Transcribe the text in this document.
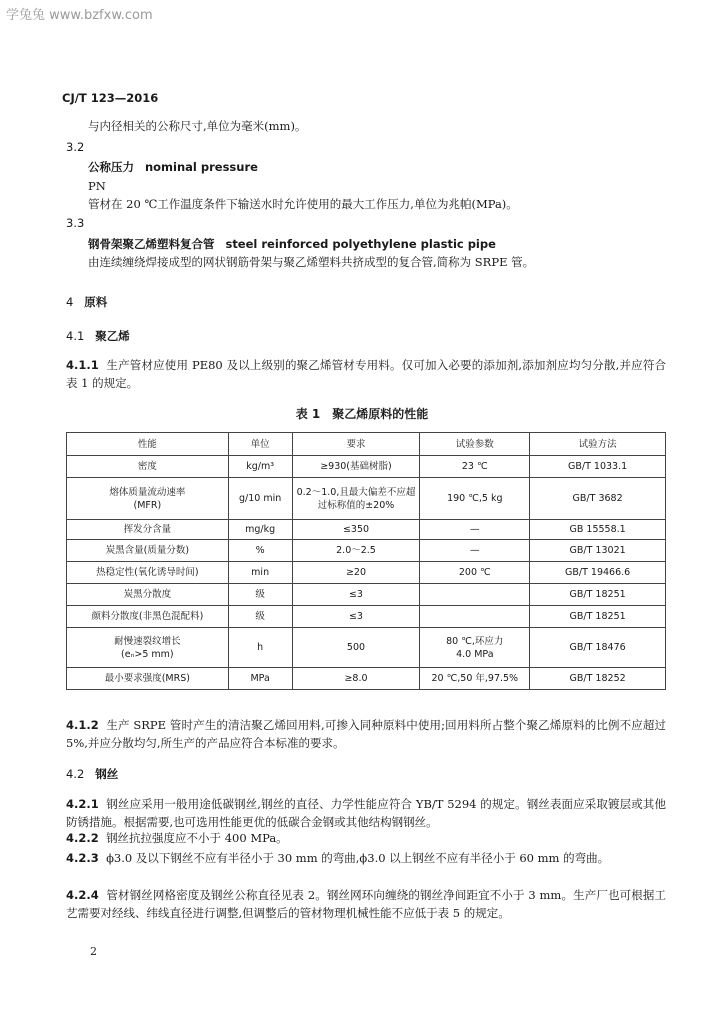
学兔兔 www.bzfxw.com
CJ/T 123—2016
与内径相关的公称尺寸,单位为毫米(mm)。
3.2
公称压力 nominal pressure
PN
管材在 20 ℃工作温度条件下输送水时允许使用的最大工作压力,单位为兆帕(MPa)。
3.3
钢骨架聚乙烯塑料复合管 steel reinforced polyethylene plastic pipe
由连续缠绕焊接成型的网状钢筋骨架与聚乙烯塑料共挤成型的复合管,简称为 SRPE 管。
4 原料
4.1 聚乙烯
4.1.1 生产管材应使用 PE80 及以上级别的聚乙烯管材专用料。仅可加入必要的添加剂,添加剂应均匀分散,并应符合表 1 的规定。
表 1　聚乙烯原料的性能
性能	单位	要求	试验参数	试验方法
密度	kg/m³	≥930(基础树脂)	23 ℃	GB/T 1033.1
熔体质量流动速率
(MFR)	g/10 min	0.2～1.0,且最大偏差不应超过标称值的±20%	190 ℃,5 kg	GB/T 3682
挥发分含量	mg/kg	≤350	—	GB 15558.1
炭黑含量(质量分数)	%	2.0～2.5	—	GB/T 13021
热稳定性(氧化诱导时间)	min	≥20	200 ℃	GB/T 19466.6
炭黑分散度	级	≤3		GB/T 18251
颜料分散度(非黑色混配料)	级	≤3		GB/T 18251
耐慢速裂纹增长
(eₙ>5 mm)	h	500	80 ℃,环应力
4.0 MPa	GB/T 18476
最小要求强度(MRS)	MPa	≥8.0	20 ℃,50 年,97.5%	GB/T 18252
4.1.2 生产 SRPE 管时产生的清洁聚乙烯回用料,可掺入同种原料中使用;回用料所占整个聚乙烯原料的比例不应超过 5%,并应分散均匀,所生产的产品应符合本标准的要求。
4.2 钢丝
4.2.1 钢丝应采用一般用途低碳钢丝,钢丝的直径、力学性能应符合 YB/T 5294 的规定。钢丝表面应采取镀层或其他防锈措施。根据需要,也可选用性能更优的低碳合金钢或其他结构钢钢丝。
4.2.2 钢丝抗拉强度应不小于 400 MPa。
4.2.3 ϕ3.0 及以下钢丝不应有半径小于 30 mm 的弯曲,ϕ3.0 以上钢丝不应有半径小于 60 mm 的弯曲。
4.2.4 管材钢丝网格密度及钢丝公称直径见表 2。钢丝网环向缠绕的钢丝净间距宜不小于 3 mm。生产厂也可根据工艺需要对经线、纬线直径进行调整,但调整后的管材物理机械性能不应低于表 5 的规定。
2
